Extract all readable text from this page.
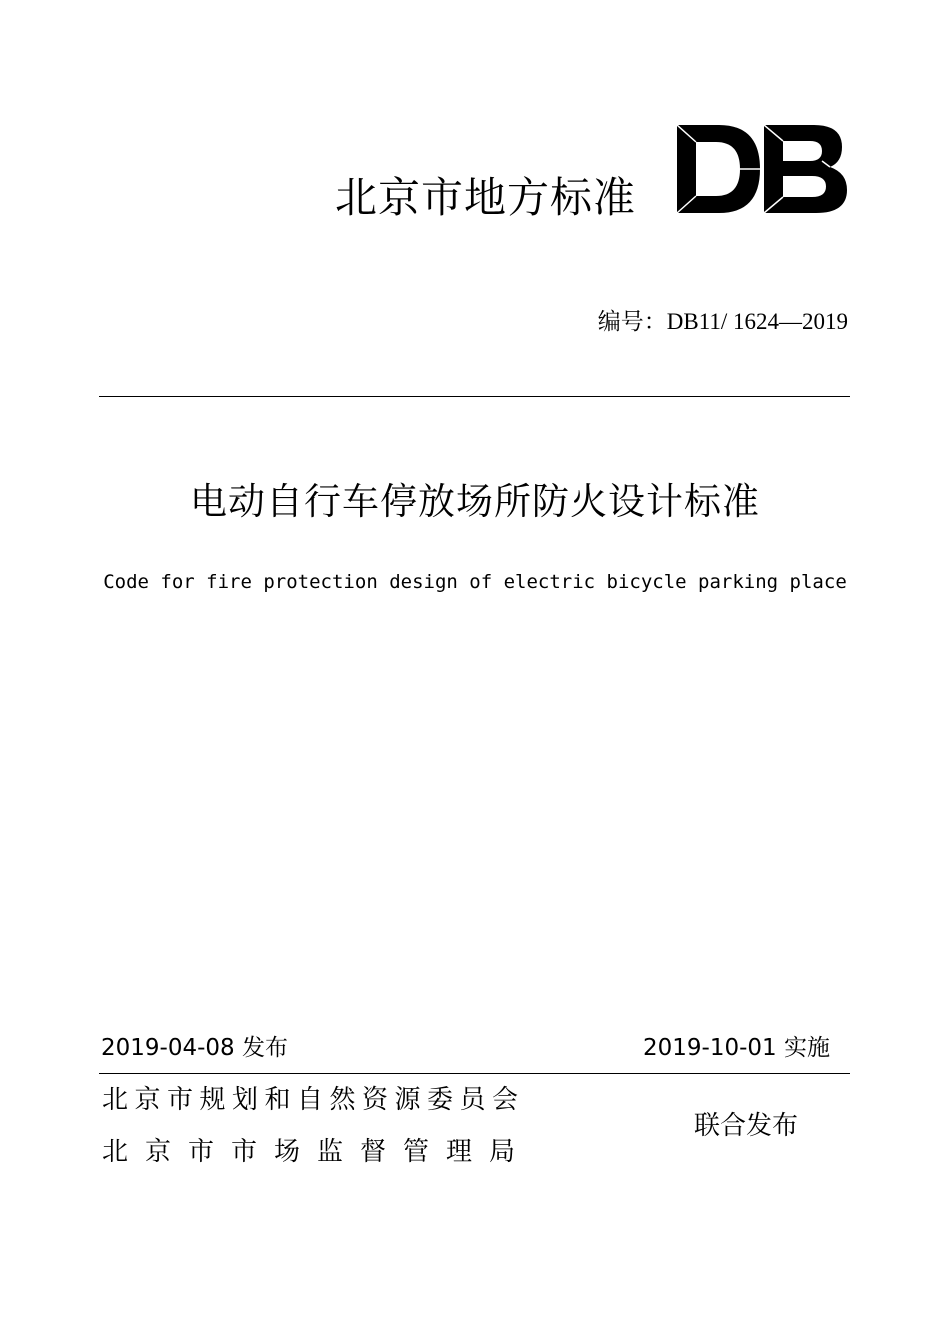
北京市地方标准
编号：DB11/ 1624—2019
电动自行车停放场所防火设计标准
Code for fire protection design of electric bicycle parking place
2019-04-08 发布	2019-10-01 实施
北京市规划和自然资源委员会
北京市市场监督管理局
联合发布
